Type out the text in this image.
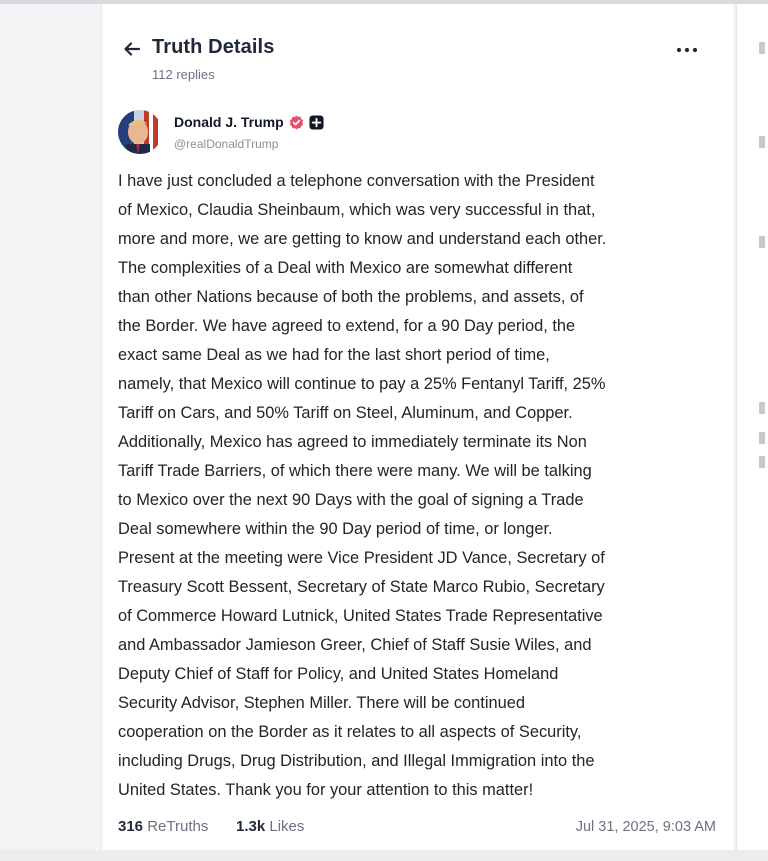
Truth Details
112 replies
Donald J. Trump
@realDonaldTrump
I have just concluded a telephone conversation with the President
of Mexico, Claudia Sheinbaum, which was very successful in that,
more and more, we are getting to know and understand each other.
The complexities of a Deal with Mexico are somewhat different
than other Nations because of both the problems, and assets, of
the Border. We have agreed to extend, for a 90 Day period, the
exact same Deal as we had for the last short period of time,
namely, that Mexico will continue to pay a 25% Fentanyl Tariff, 25%
Tariff on Cars, and 50% Tariff on Steel, Aluminum, and Copper.
Additionally, Mexico has agreed to immediately terminate its Non
Tariff Trade Barriers, of which there were many. We will be talking
to Mexico over the next 90 Days with the goal of signing a Trade
Deal somewhere within the 90 Day period of time, or longer.
Present at the meeting were Vice President JD Vance, Secretary of
Treasury Scott Bessent, Secretary of State Marco Rubio, Secretary
of Commerce Howard Lutnick, United States Trade Representative
and Ambassador Jamieson Greer, Chief of Staff Susie Wiles, and
Deputy Chief of Staff for Policy, and United States Homeland
Security Advisor, Stephen Miller. There will be continued
cooperation on the Border as it relates to all aspects of Security,
including Drugs, Drug Distribution, and Illegal Immigration into the
United States. Thank you for your attention to this matter!
316 ReTruths 1.3k Likes	Jul 31, 2025, 9:03 AM
